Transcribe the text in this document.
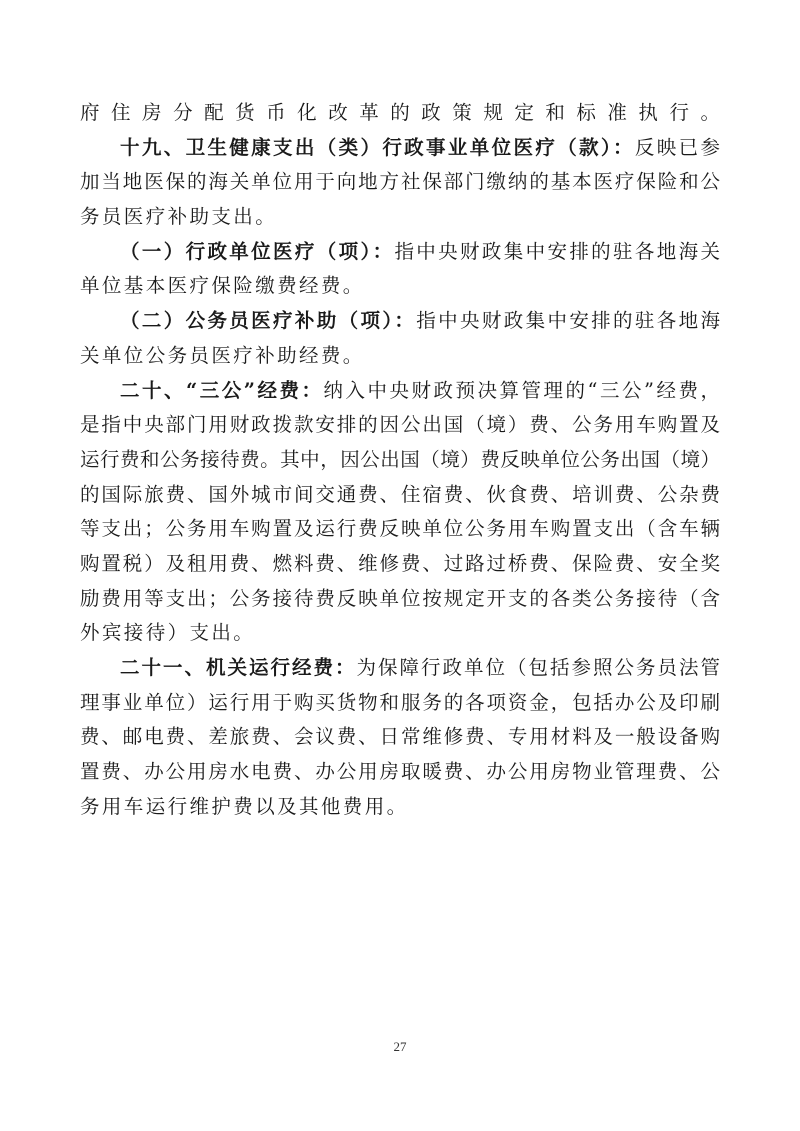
府住房分配货币化改革的政策规定和标准执行。
十九、卫生健康支出（类）行政事业单位医疗（款）：反映已参
加当地医保的海关单位用于向地方社保部门缴纳的基本医疗保险和公
务员医疗补助支出。
（一）行政单位医疗（项）：指中央财政集中安排的驻各地海关
单位基本医疗保险缴费经费。
（二）公务员医疗补助（项）：指中央财政集中安排的驻各地海
关单位公务员医疗补助经费。
二十、“三公”经费：纳入中央财政预决算管理的“三公”经费，
是指中央部门用财政拨款安排的因公出国（境）费、公务用车购置及
运行费和公务接待费。其中，因公出国（境）费反映单位公务出国（境）
的国际旅费、国外城市间交通费、住宿费、伙食费、培训费、公杂费
等支出；公务用车购置及运行费反映单位公务用车购置支出（含车辆
购置税）及租用费、燃料费、维修费、过路过桥费、保险费、安全奖
励费用等支出；公务接待费反映单位按规定开支的各类公务接待（含
外宾接待）支出。
二十一、机关运行经费：为保障行政单位（包括参照公务员法管
理事业单位）运行用于购买货物和服务的各项资金，包括办公及印刷
费、邮电费、差旅费、会议费、日常维修费、专用材料及一般设备购
置费、办公用房水电费、办公用房取暖费、办公用房物业管理费、公
务用车运行维护费以及其他费用。
27
